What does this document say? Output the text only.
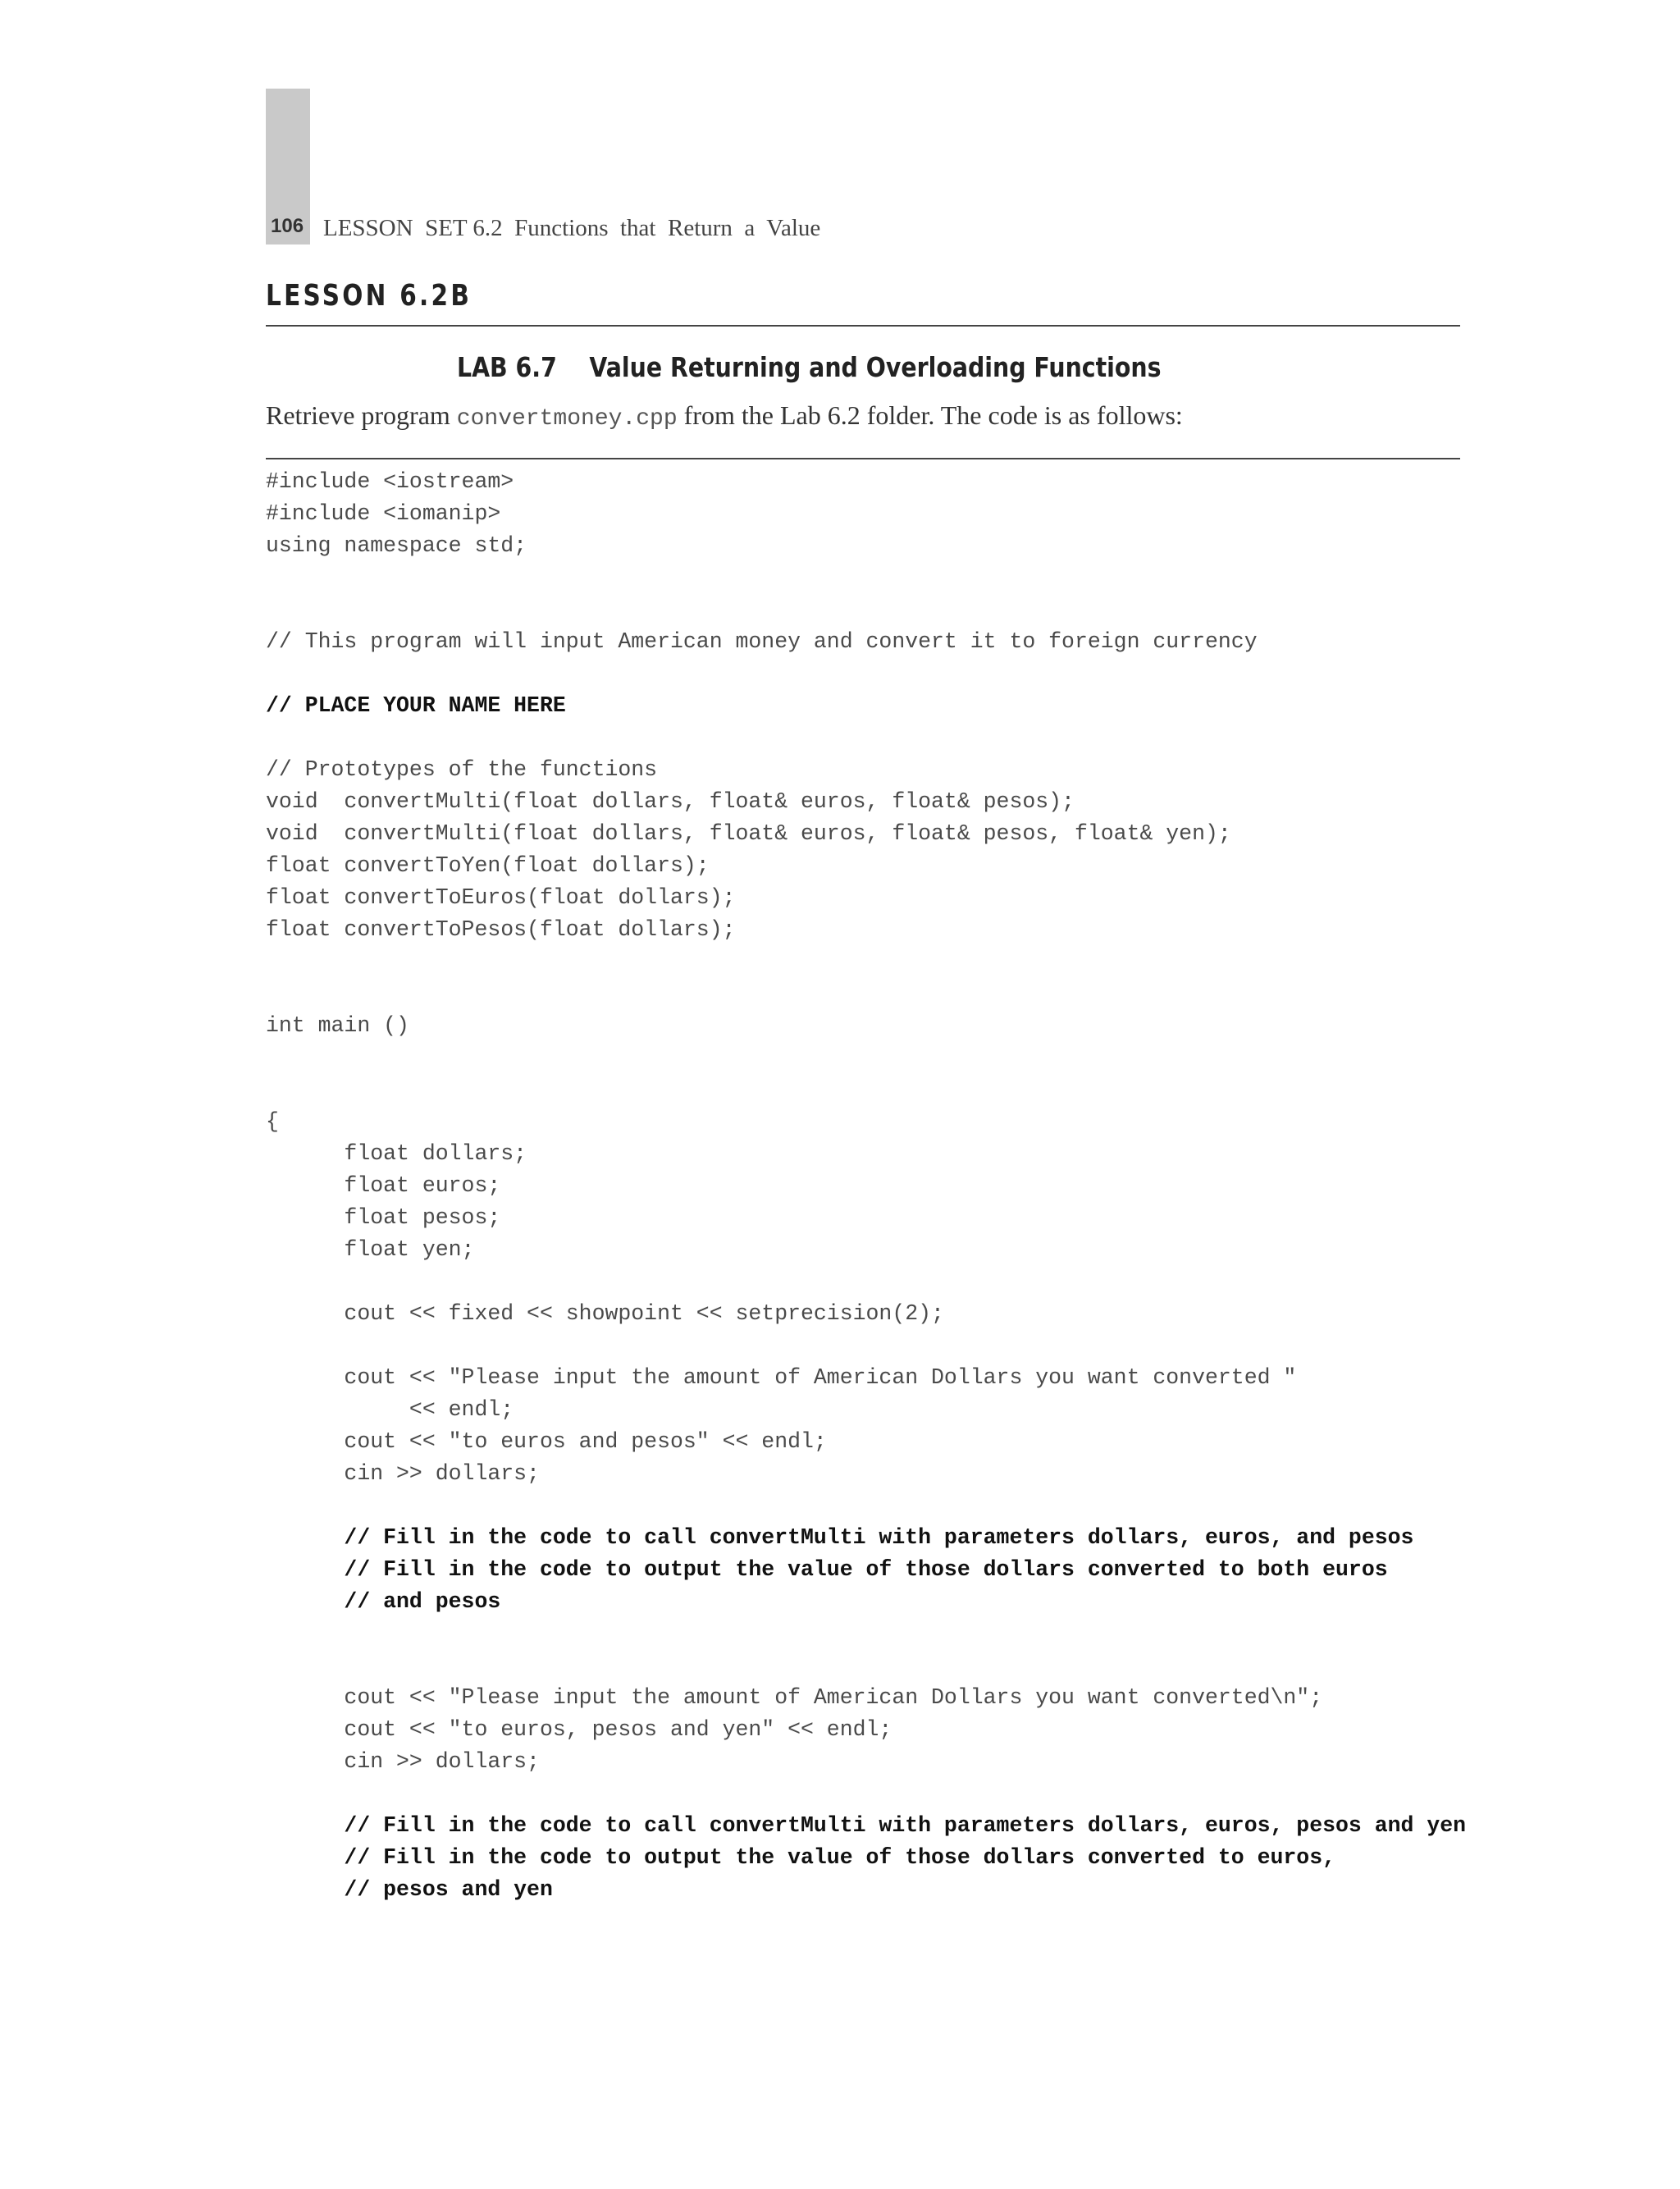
106 LESSON  SET 6.2  Functions  that  Return  a  Value
LESSON 6.2B
LAB 6.7    Value Returning and Overloading Functions
Retrieve program convertmoney.cpp from the Lab 6.2 folder. The code is as follows:
#include <iostream>
#include <iomanip>
using namespace std;
// This program will input American money and convert it to foreign currency
// PLACE YOUR NAME HERE
// Prototypes of the functions
void  convertMulti(float dollars, float& euros, float& pesos);
void  convertMulti(float dollars, float& euros, float& pesos, float& yen);
float convertToYen(float dollars);
float convertToEuros(float dollars);
float convertToPesos(float dollars);
int main ()
{
float dollars;
float euros;
float pesos;
float yen;
cout << fixed << showpoint << setprecision(2);
cout << "Please input the amount of American Dollars you want converted "
<< endl;
cout << "to euros and pesos" << endl;
cin >> dollars;
// Fill in the code to call convertMulti with parameters dollars, euros, and pesos
// Fill in the code to output the value of those dollars converted to both euros
// and pesos
cout << "Please input the amount of American Dollars you want converted\n";
cout << "to euros, pesos and yen" << endl;
cin >> dollars;
// Fill in the code to call convertMulti with parameters dollars, euros, pesos and yen
// Fill in the code to output the value of those dollars converted to euros,
// pesos and yen
